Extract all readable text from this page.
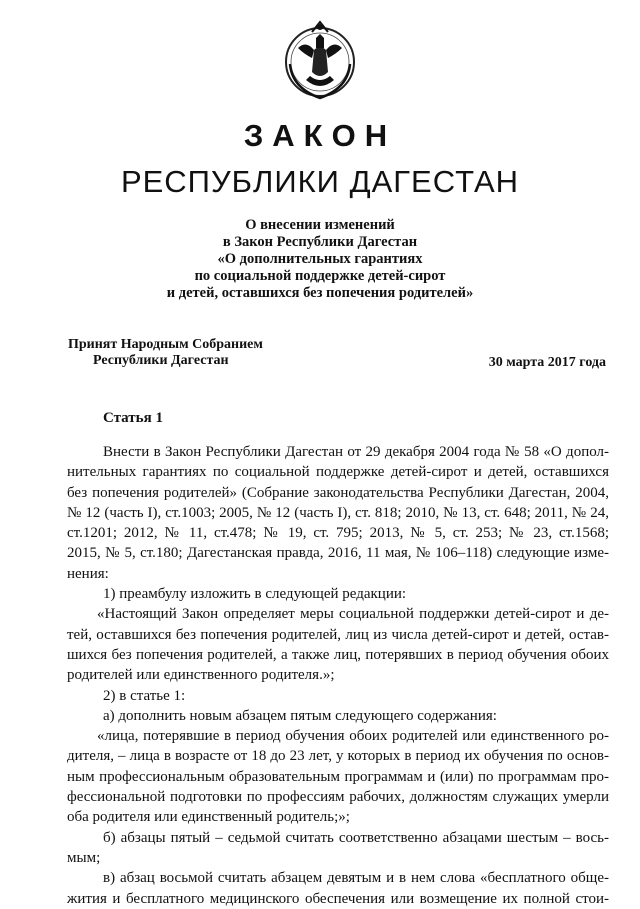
ЗАКОН
РЕСПУБЛИКИ ДАГЕСТАН
О внесении изменений
в Закон Республики Дагестан
«О дополнительных гарантиях
по социальной поддержке детей-сирот
и детей, оставшихся без попечения родителей»
Принят Народным Собранием
Республики Дагестан	30 марта 2017 года
Статья 1
Внести в Закон Республики Дагестан от 29 декабря 2004 года № 58 «О допол-
нительных гарантиях по социальной поддержке детей-сирот и детей, оставшихся
без попечения родителей» (Собрание законодательства Республики Дагестан, 2004,
№ 12 (часть I), ст.1003; 2005, № 12 (часть I), ст. 818; 2010, № 13, ст. 648; 2011, № 24,
ст.1201; 2012, № 11, ст.478; № 19, ст. 795; 2013, № 5, ст. 253; № 23, ст.1568;
2015, № 5, ст.180; Дагестанская правда, 2016, 11 мая, № 106–118) следующие изме-
нения:
1) преамбулу изложить в следующей редакции:
«Настоящий Закон определяет меры социальной поддержки детей-сирот и де-
тей, оставшихся без попечения родителей, лиц из числа детей-сирот и детей, остав-
шихся без попечения родителей, а также лиц, потерявших в период обучения обоих
родителей или единственного родителя.»;
2) в статье 1:
а) дополнить новым абзацем пятым следующего содержания:
«лица, потерявшие в период обучения обоих родителей или единственного ро-
дителя, – лица в возрасте от 18 до 23 лет, у которых в период их обучения по основ-
ным профессиональным образовательным программам и (или) по программам про-
фессиональной подготовки по профессиям рабочих, должностям служащих умерли
оба родителя или единственный родитель;»;
б) абзацы пятый – седьмой считать соответственно абзацами шестым – вось-
мым;
в) абзац восьмой считать абзацем девятым и в нем слова «бесплатного обще-
жития и бесплатного медицинского обеспечения или возмещение их полной стои-
